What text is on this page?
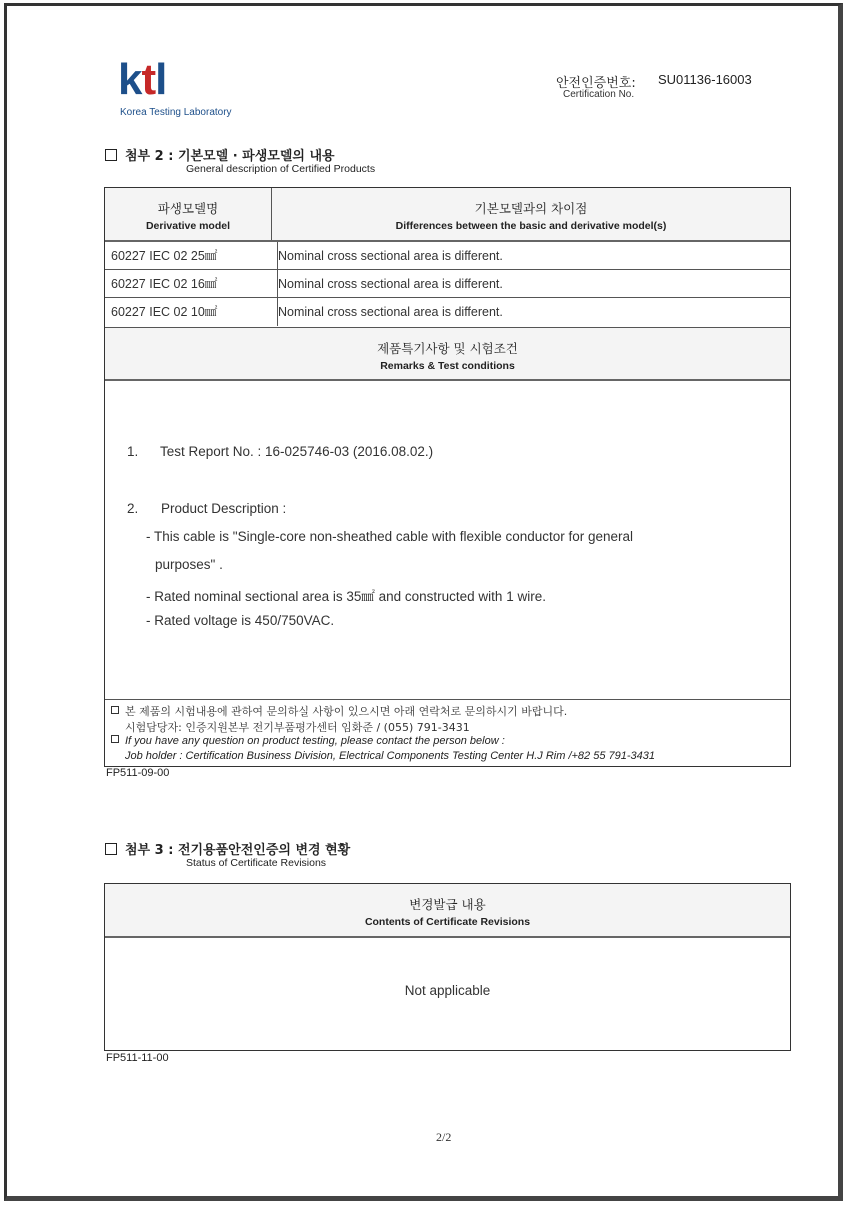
ktl
Korea Testing Laboratory
안전인증번호:
Certification No.
SU01136-16003
첨부 2 : 기본모델 · 파생모델의 내용
General description of Certified Products
파생모델명
Derivative model
기본모델과의 차이점
Differences between the basic and derivative model(s)
60227 IEC 02 25㎟	Nominal cross sectional area is different.
60227 IEC 02 16㎟	Nominal cross sectional area is different.
60227 IEC 02 10㎟	Nominal cross sectional area is different.
제품특기사항 및 시험조건
Remarks & Test conditions
1. Test Report No. : 16-025746-03 (2016.08.02.)
2. Product Description :
- This cable is "Single-core non-sheathed cable with flexible conductor for general
purposes" .
- Rated nominal sectional area is 35㎟ and constructed with 1 wire.
- Rated voltage is 450/750VAC.
본 제품의 시험내용에 관하여 문의하실 사항이 있으시면 아래 연락처로 문의하시기 바랍니다.
시험담당자: 인증지원본부 전기부품평가센터 임화준 / (055) 791-3431
If you have any question on product testing, please contact the person below :
Job holder : Certification Business Division, Electrical Components Testing Center H.J Rim /+82 55 791-3431
FP511-09-00
첨부 3 : 전기용품안전인증의 변경 현황
Status of Certificate Revisions
변경발급 내용
Contents of Certificate Revisions
Not applicable
FP511-11-00
2/2
